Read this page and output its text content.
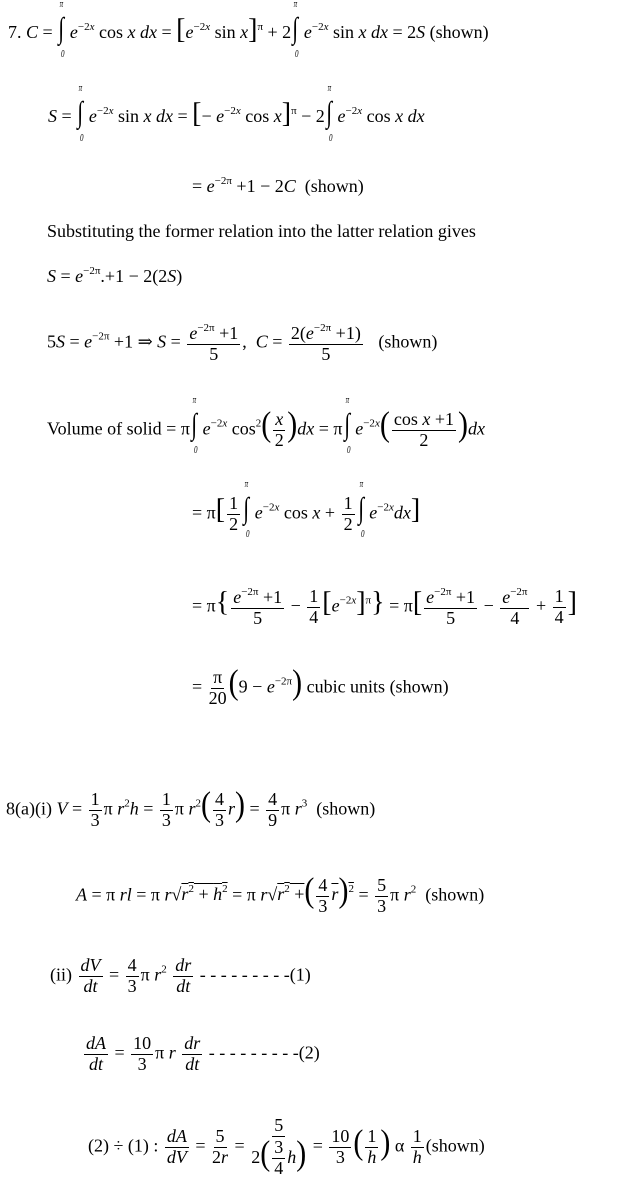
7. C = ∫
π
0
$e^{-2x}$ cos x dx = [$e^{-2x}$ sin x]$^\pi$ + 2∫
π
0
$e^{-2x}$ sin x dx = 2S (shown)
S = ∫
π
0
$e^{-2x}$ sin x dx = [− $e^{-2x}$ cos x]$^\pi$ − 2∫
π
0
$e^{-2x}$ cos x dx
= $e^{-2\pi} +1 - 2C$  (shown)
Substituting the former relation into the latter relation gives
$S = e^{-2\pi}.+1 - 2(2S)$
$5S = e^{-2\pi} +1$ ⇒ $S = \frac{e^{-2\pi} +1}{5}$ ,  $C = \frac{2(e^{-2\pi} +1)}{5}$ (shown)
Volume of solid = π∫
π
0
$e^{-2x}$ $\cos^2( \frac{x}{2} )dx = \pi\int$
π
0
$e^{-2x}( \frac{\text{cos x +1}}{2} )dx$
= $\pi[ \frac{1}{2}$ ∫
π
0
$e^{-2x}$ $\cos x + \frac{1}{2}$ ∫
π
0
$e^{-2x}dx$]
= $\pi\{ \frac{e^{-2\pi} +1}{5} - \frac{1}{4} [e^{-2x}]^\pi\} = \pi[ \frac{e^{-2\pi} +1}{5} - \frac{e^{-2\pi}}{4} + \frac{1}{4}$ ]
= $\frac{\pi}{20} (9 - e^{-2\pi})$ cubic units (shown)
8(a)(i) $V = \frac{1}{3}$ π $r^2h = \frac{1}{3}$ π $r^2( \frac{4}{3} r) = \frac{4}{9}$ π $r^3$  (shown)
A = π rl = π $r√r^2 + h^2 = \pi$ $r√r^2$ +( $\frac{4}{3} r)^2 = \frac{5}{3}$ π $r^2$  (shown)
$(ii) \frac{dV}{dt} = \frac{4}{3}$ π $r^2 \frac{dr}{dt}$ - - - - - - - - -(1)
$\frac{dA}{dt} = \frac{10}{3}$ π r $\frac{dr}{dt}$ - - - - - - - - -(2)
(2) ÷ (1) : $\frac{dA}{dV} = \frac{5}{2r} = \frac{5}{2( \frac{3}{4} h)} = \frac{10}{3}$ ( $\frac{1}{h}$ ) α $\frac{1}{h}$ (shown)
